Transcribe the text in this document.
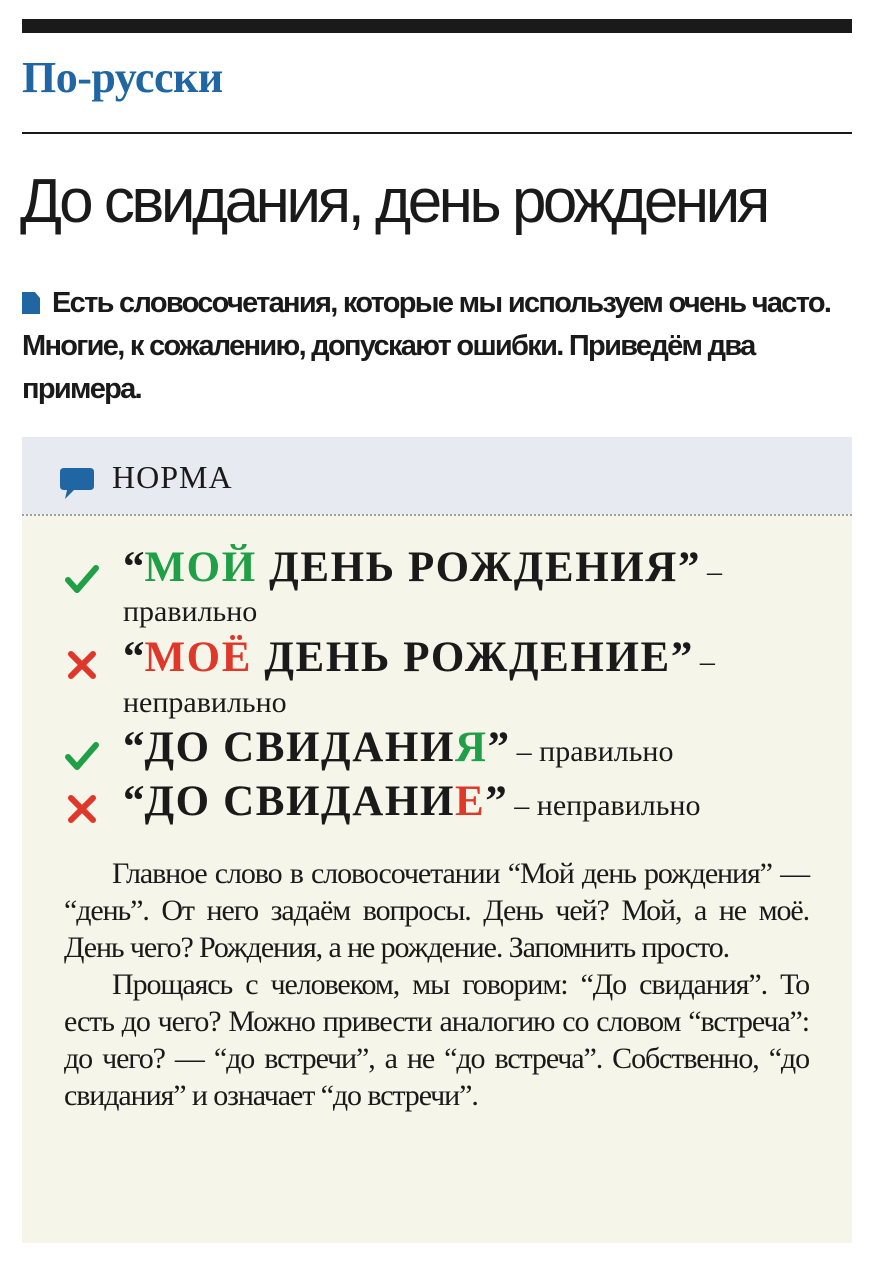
По-русски
До свидания, день рождения
Есть словосочетания, которые мы используем очень часто. Многие, к сожалению, допускают ошибки. Приведём два примера.
НОРМА
“МОЙ ДЕНЬ РОЖДЕНИЯ” –
правильно
“МОЁ ДЕНЬ РОЖДЕНИЕ” –
неправильно
“ДО СВИДАНИЯ” – правильно
“ДО СВИДАНИЕ” – неправильно

Главное слово в словосочетании “Мой день рождения” — “день”. От него задаём вопросы. День чей? Мой, а не моё. День чего? Рождения, а не рождение. Запомнить просто.

Прощаясь с человеком, мы говорим: “До свидания”. То есть до чего? Можно привести аналогию со словом “встреча”: до чего? — “до встречи”, а не “до встреча”. Собственно, “до свидания” и означает “до встречи”.
